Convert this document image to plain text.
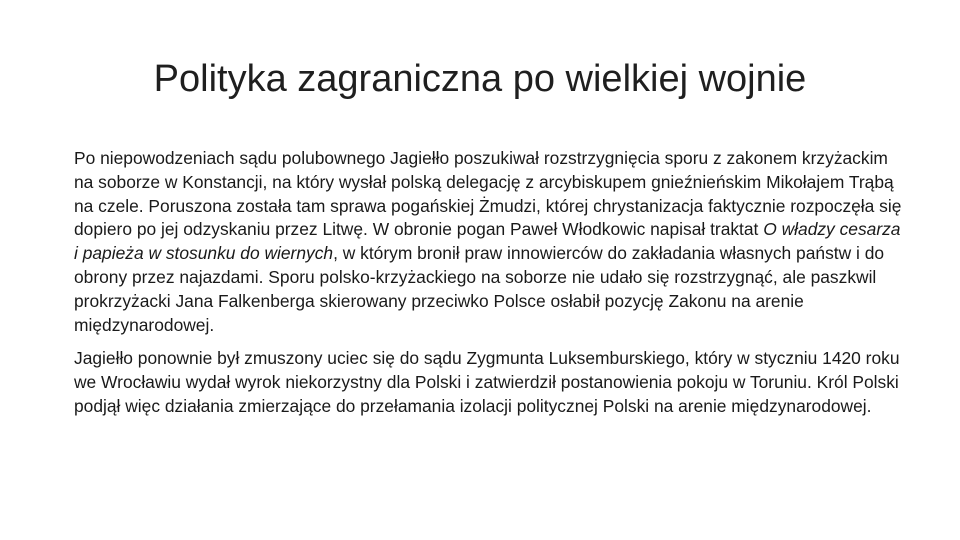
Polityka zagraniczna po wielkiej wojnie

Po niepowodzeniach sądu polubownego Jagiełło poszukiwał rozstrzygnięcia sporu z zakonem krzyżackim na soborze w Konstancji, na który wysłał polską delegację z arcybiskupem gnieźnieńskim Mikołajem Trąbą na czele. Poruszona została tam sprawa pogańskiej Żmudzi, której chrystanizacja faktycznie rozpoczęła się dopiero po jej odzyskaniu przez Litwę. W obronie pogan Paweł Włodkowic napisał traktat O władzy cesarza i papieża w stosunku do wiernych, w którym bronił praw innowierców do zakładania własnych państw i do obrony przez najazdami. Sporu polsko-krzyżackiego na soborze nie udało się rozstrzygnąć, ale paszkwil prokrzyżacki Jana Falkenberga skierowany przeciwko Polsce osłabił pozycję Zakonu na arenie międzynarodowej.

Jagiełło ponownie był zmuszony uciec się do sądu Zygmunta Luksemburskiego, który w styczniu 1420 roku we Wrocławiu wydał wyrok niekorzystny dla Polski i zatwierdził postanowienia pokoju w Toruniu. Król Polski podjął więc działania zmierzające do przełamania izolacji politycznej Polski na arenie międzynarodowej.
